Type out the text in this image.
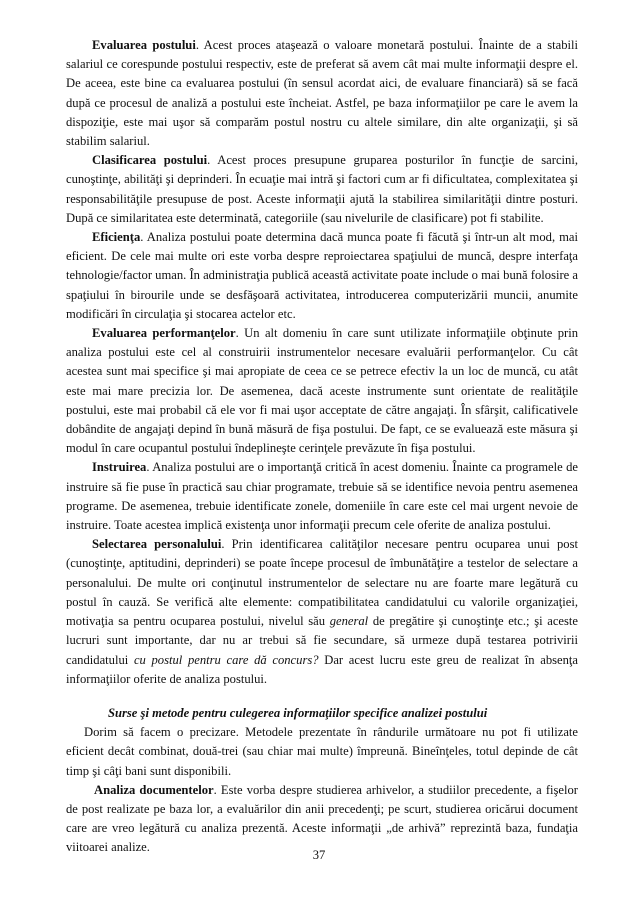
Evaluarea postului. Acest proces ataşează o valoare monetară postului. Înainte de a stabili salariul ce corespunde postului respectiv, este de preferat să avem cât mai multe informaţii despre el. De aceea, este bine ca evaluarea postului (în sensul acordat aici, de evaluare financiară) să se facă după ce procesul de analiză a postului este încheiat. Astfel, pe baza informaţiilor pe care le avem la dispoziţie, este mai uşor să comparăm postul nostru cu altele similare, din alte organizaţii, şi să stabilim salariul.

Clasificarea postului. Acest proces presupune gruparea posturilor în funcţie de sarcini, cunoştinţe, abilităţi şi deprinderi. În ecuaţie mai intră şi factori cum ar fi dificultatea, complexitatea şi responsabilităţile presupuse de post. Aceste informaţii ajută la stabilirea similarităţii dintre posturi. După ce similaritatea este determinată, categoriile (sau nivelurile de clasificare) pot fi stabilite.

Eficienţa. Analiza postului poate determina dacă munca poate fi făcută şi într-un alt mod, mai eficient. De cele mai multe ori este vorba despre reproiectarea spaţiului de muncă, despre interfaţa tehnologie/factor uman. În administraţia publică această activitate poate include o mai bună folosire a spaţiului în birourile unde se desfăşoară activitatea, introducerea computerizării muncii, anumite modificări în circulaţia şi stocarea actelor etc.

Evaluarea performanţelor. Un alt domeniu în care sunt utilizate informaţiile obţinute prin analiza postului este cel al construirii instrumentelor necesare evaluării performanţelor. Cu cât acestea sunt mai specifice şi mai apropiate de ceea ce se petrece efectiv la un loc de muncă, cu atât este mai mare precizia lor. De asemenea, dacă aceste instrumente sunt orientate de realităţile postului, este mai probabil că ele vor fi mai uşor acceptate de către angajaţi. În sfârşit, calificativele dobândite de angajaţi depind în bună măsură de fişa postului. De fapt, ce se evaluează este măsura şi modul în care ocupantul postului îndeplineşte cerinţele prevăzute în fişa postului.

Instruirea. Analiza postului are o importanţă critică în acest domeniu. Înainte ca programele de instruire să fie puse în practică sau chiar programate, trebuie să se identifice nevoia pentru asemenea programe. De asemenea, trebuie identificate zonele, domeniile în care este cel mai urgent nevoie de instruire. Toate acestea implică existenţa unor informaţii precum cele oferite de analiza postului.

Selectarea personalului. Prin identificarea calităţilor necesare pentru ocuparea unui post (cunoştinţe, aptitudini, deprinderi) se poate începe procesul de îmbunătăţire a testelor de selectare a personalului. De multe ori conţinutul instrumentelor de selectare nu are foarte mare legătură cu postul în cauză. Se verifică alte elemente: compatibilitatea candidatului cu valorile organizaţiei, motivaţia sa pentru ocuparea postului, nivelul său general de pregătire şi cunoştinţe etc.; şi aceste lucruri sunt importante, dar nu ar trebui să fie secundare, să urmeze după testarea potrivirii candidatului cu postul pentru care dă concurs? Dar acest lucru este greu de realizat în absenţa informaţiilor oferite de analiza postului.

Surse şi metode pentru culegerea informaţiilor specifice analizei postului

Dorim să facem o precizare. Metodele prezentate în rândurile următoare nu pot fi utilizate eficient decât combinat, două-trei (sau chiar mai multe) împreună. Bineînţeles, totul depinde de cât timp şi câţi bani sunt disponibili.

Analiza documentelor. Este vorba despre studierea arhivelor, a studiilor precedente, a fişelor de post realizate pe baza lor, a evaluărilor din anii precedenţi; pe scurt, studierea oricărui document care are vreo legătură cu analiza prezentă. Aceste informaţii „de arhivă” reprezintă baza, fundaţia viitoarei analize.

37
